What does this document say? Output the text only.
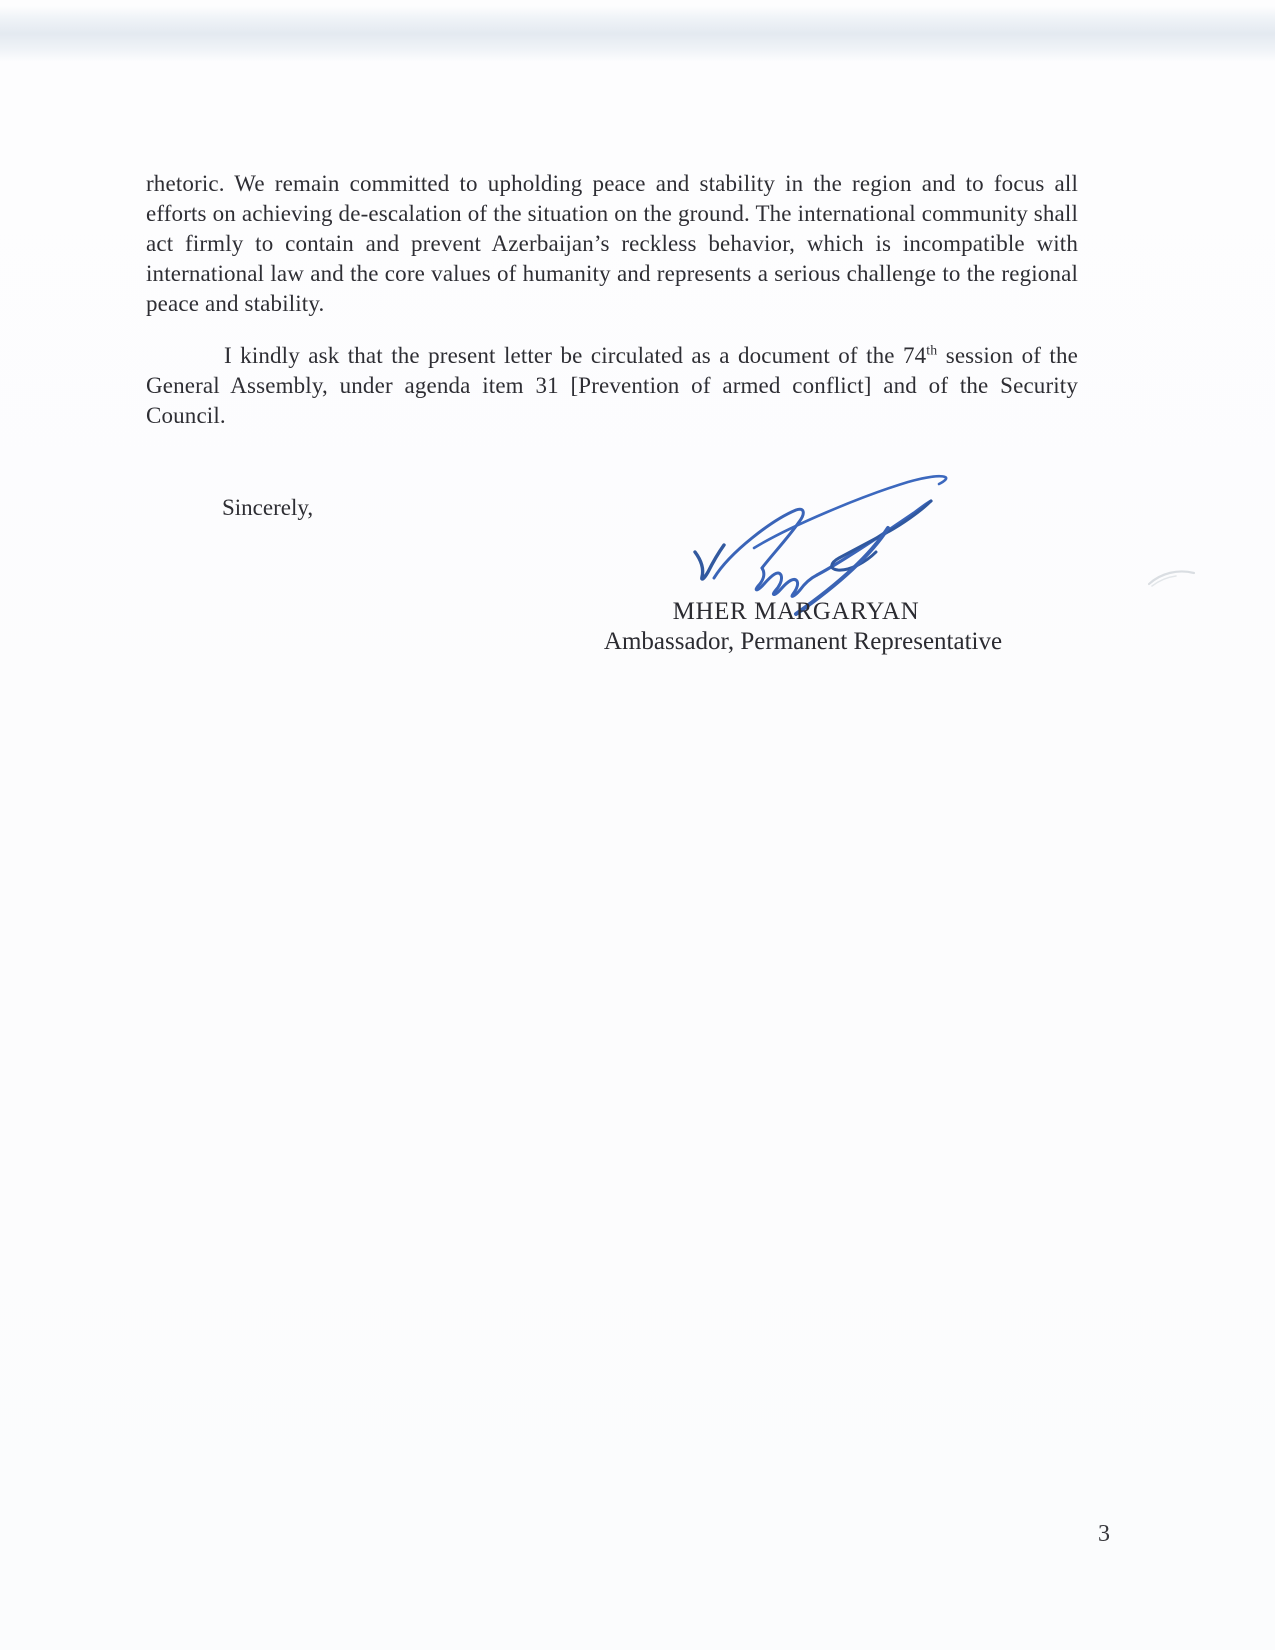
rhetoric. We remain committed to upholding peace and stability in the region and to focus all efforts on achieving de-escalation of the situation on the ground. The international community shall act firmly to contain and prevent Azerbaijan’s reckless behavior, which is incompatible with international law and the core values of humanity and represents a serious challenge to the regional peace and stability.

I kindly ask that the present letter be circulated as a document of the 74th session of the General Assembly, under agenda item 31 [Prevention of armed conflict] and of the Security Council.

Sincerely,

MHER MARGARYAN
Ambassador, Permanent Representative
3
